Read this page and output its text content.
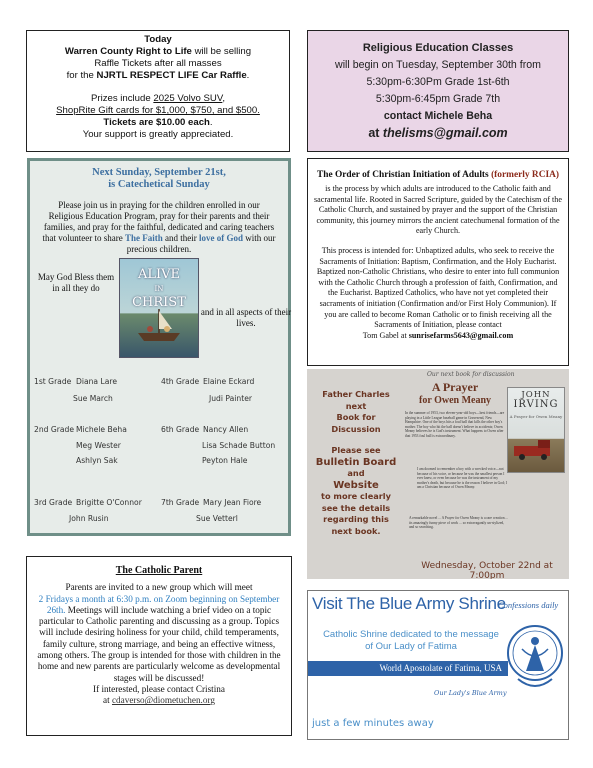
Today

Warren County Right to Life will be selling

Raffle Tickets after all masses

for the NJRTL RESPECT LIFE Car Raffle.

Prizes include 2025 Volvo SUV,

ShopRite Gift cards for $1,000, $750, and $500.

Tickets are $10.00 each.

Your support is greatly appreciated.

Religious Education Classes

will begin on Tuesday, September 30th from

5:30pm-6:30Pm Grade 1st-6th

5:30pm-6:45pm Grade 7th

contact Michele Beha

at thelisms@gmail.com

Next Sunday, September 21st,

is Catechetical Sunday

Please join us in praying for the children enrolled in our Religious Education Program, pray for their parents and their families, and pray for the faithful, dedicated and caring teachers that volunteer to share The Faith and their love of God with our precious children.

May God Bless them in all they do

ALIVE
IN
CHRIST

and in all aspects of their lives.

1st Grade Diana Lare
Sue March
4th Grade Elaine Eckard
Judi Painter
2nd Grade Michele Beha
Meg Wester
Ashlyn Sak
6th Grade Nancy Allen
Lisa Schade Button
Peyton Hale
3rd Grade Brigitte O'Connor
John Rusin
7th Grade Mary Jean Fiore
Sue Vetterl

The Order of Christian Initiation of Adults (formerly RCIA)

is the process by which adults are introduced to the Catholic faith and sacramental life. Rooted in Sacred Scripture, guided by the Catechism of the Catholic Church, and sustained by prayer and the support of the Christian community, this journey mirrors the ancient catechumenal formation of the early Church.

This process is intended for: Unbaptized adults, who seek to receive the Sacraments of Initiation: Baptism, Confirmation, and the Holy Eucharist. Baptized non-Catholic Christians, who desire to enter into full communion with the Catholic Church through a profession of faith, Confirmation, and the Eucharist. Baptized Catholics, who have not yet completed their sacraments of initiation (Confirmation and/or First Holy Communion). If you are called to become Roman Catholic or to finish receiving all the Sacraments of Initiation, please contact

Tom Gabel at sunrisefarms5643@gmail.com

Our next book for discussion

Father Charles

next

Book for Discussion

Please see

Bulletin Board

and

Website

to more clearly

see the details

regarding this

next book.

A Prayer

for Owen Meany

In the summer of 1953, two eleven-year-old boys—best friends—are playing in a Little League baseball game in Gravesend, New Hampshire. One of the boys hits a foul ball that kills the other boy's mother. The boy who hit the ball doesn't believe in accidents; Owen Meany believes he is God's instrument. What happens to Owen after that 1953 foul ball is extraordinary.
I am doomed to remember a boy with a wrecked voice—not because of his voice, or because he was the smallest person I ever knew, or even because he was the instrument of my mother's death, but because he is the reason I believe in God; I am a Christian because of Owen Meany.
A remarkable novel ... A Prayer for Owen Meany is a rare creation ... its amazingly funny piece of work ... so extravagantly un-stylized, and so searching.
JOHN
IRVING
A Prayer for Owen Meany
Wednesday, October 22nd at 7:00pm

The Catholic Parent

Parents are invited to a new group which will meet

2 Fridays a month at 6:30 p.m. on Zoom beginning on September 26th. Meetings will include watching a brief video on a topic particular to Catholic parenting and discussing as a group. Topics will include desiring holiness for your child, child temperaments, family culture, strong marriage, and being an effective witness, among others. The group is intended for those with children in the home and new parents are particularly welcome as developmental stages will be discussed!

If interested, please contact Cristina

at cdaverso@diometuchen.org

Visit The Blue Army Shrine
Confessions daily

Catholic Shrine dedicated to the message

of Our Lady of Fatima

World Apostolate of Fatima, USA
Our Lady's Blue Army
just a few minutes away
